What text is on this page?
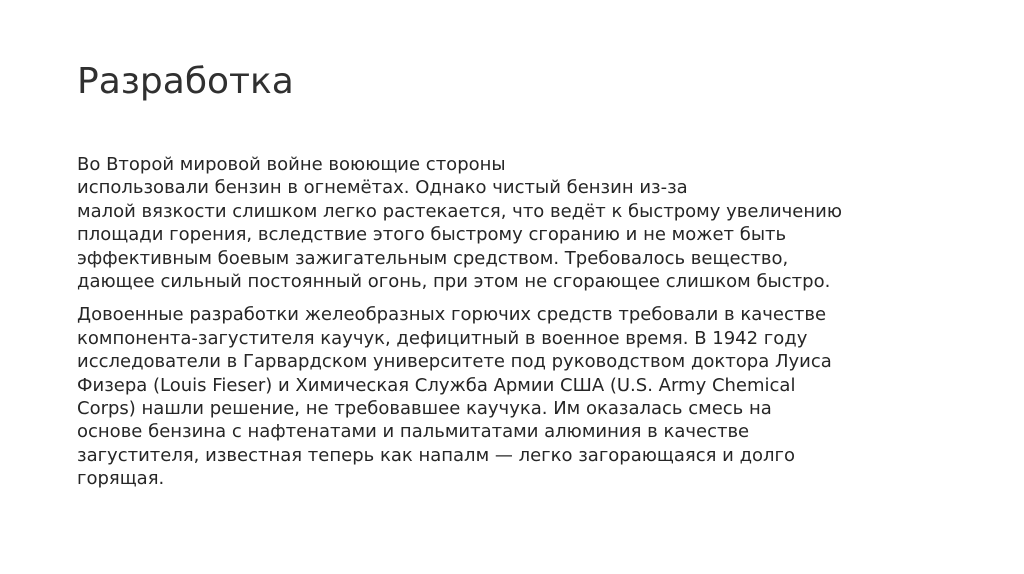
Разработка

Во Второй мировой войне воюющие стороны
использовали бензин в огнемётах. Однако чистый бензин из-за
малой вязкости слишком легко растекается, что ведёт к быстрому увеличению
площади горения, вследствие этого быстрому сгоранию и не может быть
эффективным боевым зажигательным средством. Требовалось вещество,
дающее сильный постоянный огонь, при этом не сгорающее слишком быстро.

Довоенные разработки желеобразных горючих средств требовали в качестве
компонента-загустителя каучук, дефицитный в военное время. В 1942 году
исследователи в Гарвардском университете под руководством доктора Луиса
Физера (Louis Fieser) и Химическая Служба Армии США (U.S. Army Chemical
Corps) нашли решение, не требовавшее каучука. Им оказалась смесь на
основе бензина с нафтенатами и пальмитатами алюминия в качестве
загустителя, известная теперь как напалм — легко загорающаяся и долго
горящая.
